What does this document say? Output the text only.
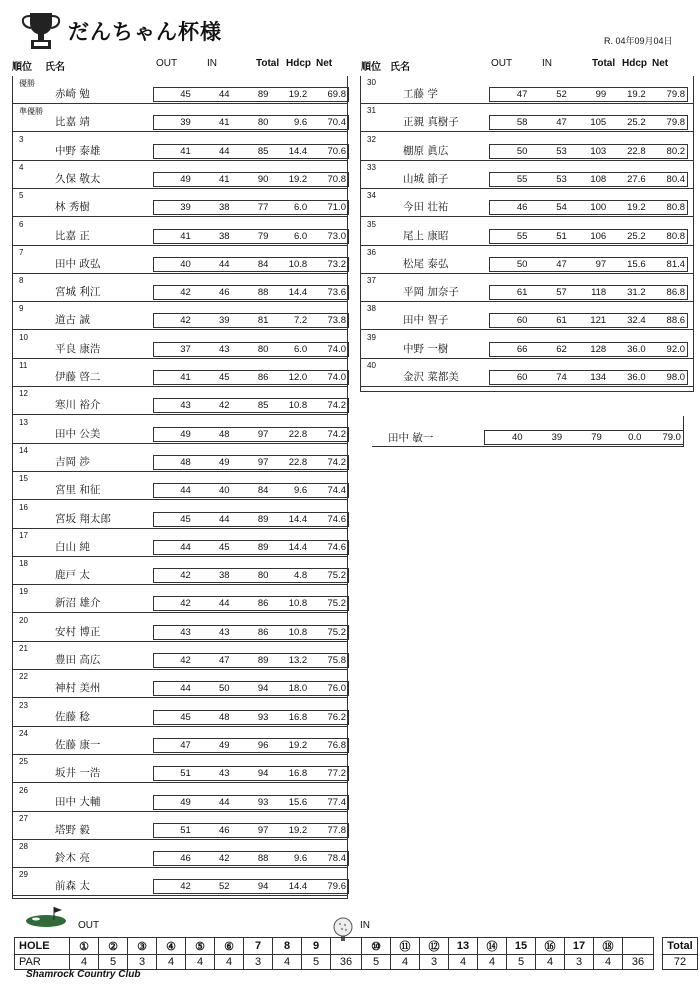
だんちゃん杯様	R. 04年09月04日
順位 氏名	OUT	IN	Total Hdcp Net	順位 氏名	OUT	IN	Total Hdcp Net
優勝
赤崎 勉	45	44	89	19.2	69.8
準優勝
比嘉 靖	39	41	80	9.6	70.4
3
中野 泰雄	41	44	85	14.4	70.6
4
久保 敬太	49	41	90	19.2	70.8
5
林 秀樹	39	38	77	6.0	71.0
6
比嘉 正	41	38	79	6.0	73.0
7
田中 政弘	40	44	84	10.8	73.2
8
宮城 利江	42	46	88	14.4	73.6
9
道古 誠	42	39	81	7.2	73.8
10
平良 康浩	37	43	80	6.0	74.0
11
伊藤 啓二	41	45	86	12.0	74.0
12
寒川 裕介	43	42	85	10.8	74.2
13
田中 公美	49	48	97	22.8	74.2
14
吉岡 渉	48	49	97	22.8	74.2
15
宮里 和征	44	40	84	9.6	74.4
16
宮坂 翔太郎	45	44	89	14.4	74.6
17
白山 純	44	45	89	14.4	74.6
18
鹿戸 太	42	38	80	4.8	75.2
19
新沼 雄介	42	44	86	10.8	75.2
20
安村 博正	43	43	86	10.8	75.2
21
豊田 高広	42	47	89	13.2	75.8
22
神村 美州	44	50	94	18.0	76.0
23
佐藤 稔	45	48	93	16.8	76.2
24
佐藤 康一	47	49	96	19.2	76.8
25
坂井 一浩	51	43	94	16.8	77.2
26
田中 大輔	49	44	93	15.6	77.4
27
塔野 毅	51	46	97	19.2	77.8
28
鈴木 亮	46	42	88	9.6	78.4
29
前森 太	42	52	94	14.4	79.6
30
工藤 学	47	52	99	19.2	79.8
31
正親 真樹子	58	47	105	25.2	79.8
32
棚原 眞広	50	53	103	22.8	80.2
33
山城 節子	55	53	108	27.6	80.4
34
今田 壮祐	46	54	100	19.2	80.8
35
尾上 康昭	55	51	106	25.2	80.8
36
松尾 泰弘	50	47	97	15.6	81.4
37
平岡 加奈子	61	57	118	31.2	86.8
38
田中 智子	60	61	121	32.4	88.6
39
中野 一樹	66	62	128	36.0	92.0
40
金沢 菜都美	60	74	134	36.0	98.0
田中 敏一	40	39	79	0.0	79.0
OUT	IN
HOLE	①	②	③	④	⑤	⑥	7	8	9		⑩	⑪	⑫	13	⑭	15	⑯	17	⑱			Total
PAR	4	5	3	4	4	4	3	4	5	36	5	4	3	4	4	5	4	3	4	36		72
Shamrock Country Club
